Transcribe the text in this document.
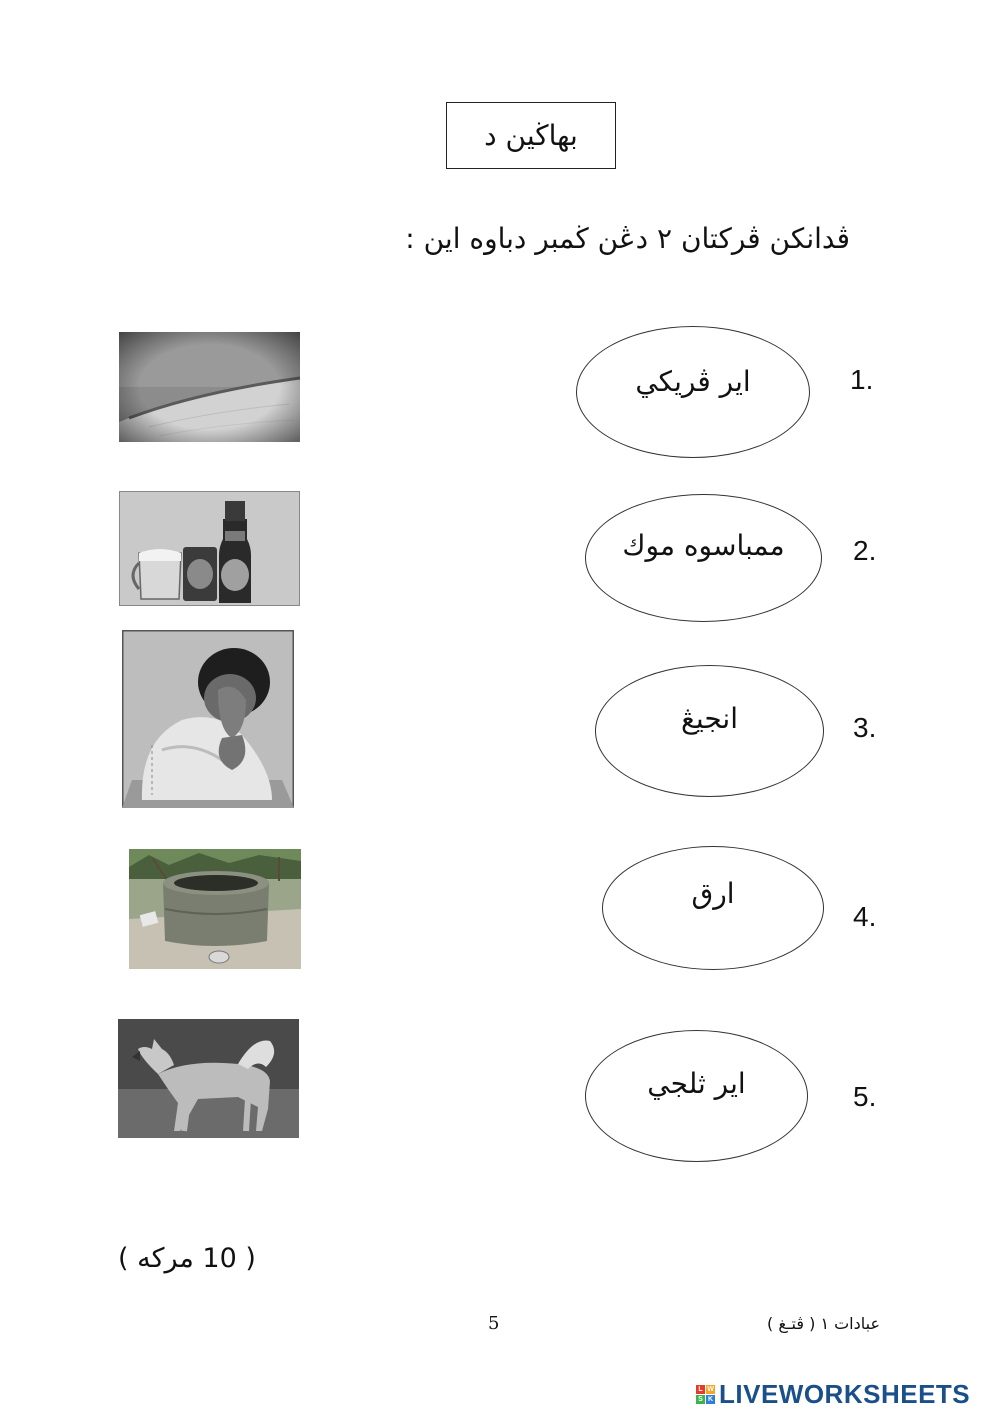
بهاڬين د
ڤدانکن ڤرکتان ٢ دڠن ڬمبر دباوه اين :
اير ڤريكي	1.
ممباسوه موك 2.
انجيڠ	3.
ارق
4.
اير ثلجي	5.
( 10 مركه )
5	عبادات ١ ( ڤتـغ )
L W
S K LIVEWORKSHEETS
